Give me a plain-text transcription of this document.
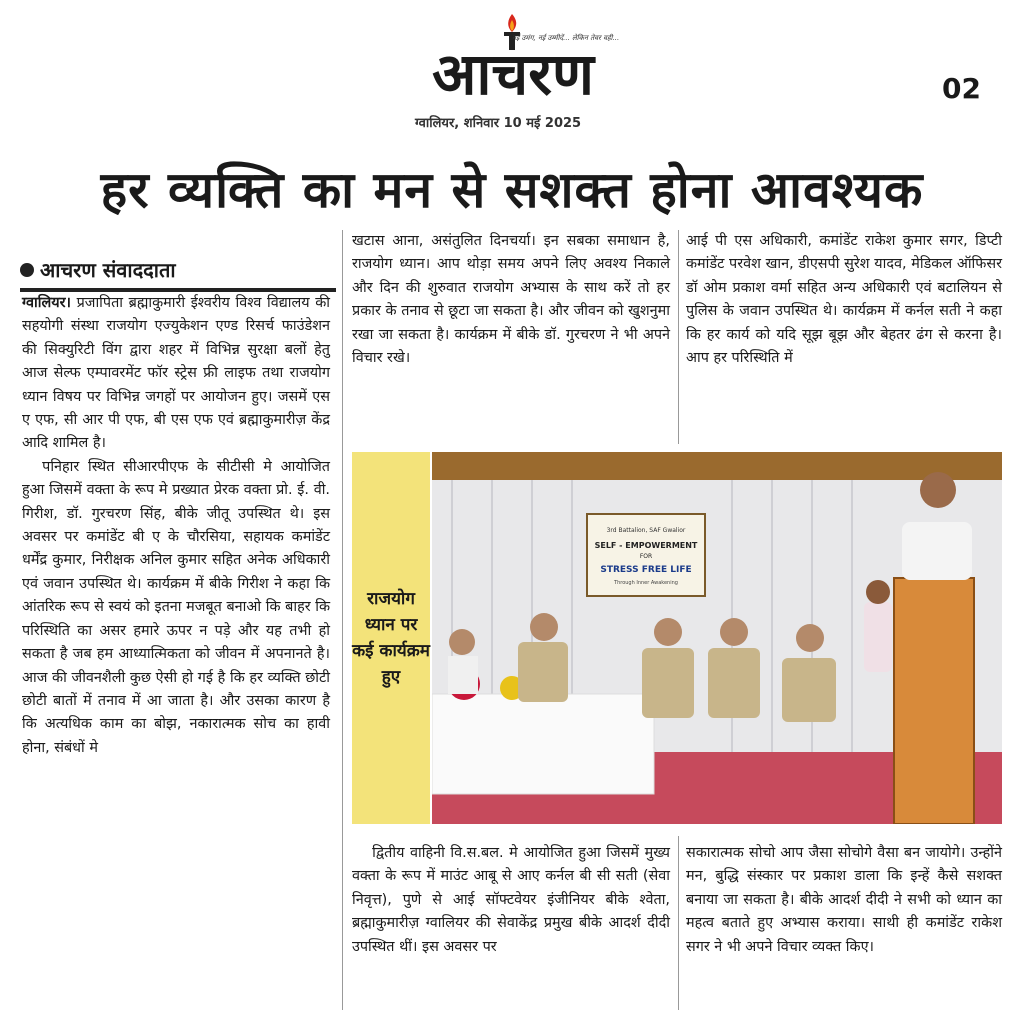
आचरण
नई उमंग, नई उम्मीदें... लेकिन तेवर वही...
ग्वालियर, शनिवार 10 मई 2025
02
हर व्यक्ति का मन से सशक्त होना आवश्यक
आचरण संवाददाता

ग्वालियर। प्रजापिता ब्रह्माकुमारी ईश्वरीय विश्व विद्यालय की सहयोगी संस्था राजयोग एज्युकेशन एण्ड रिसर्च फाउंडेशन की सिक्युरिटी विंग द्वारा शहर में विभिन्न सुरक्षा बलों हेतु आज सेल्फ एम्पावरमेंट फॉर स्ट्रेस फ्री लाइफ तथा राजयोग ध्यान विषय पर विभिन्न जगहों पर आयोजन हुए। जसमें एस ए एफ, सी आर पी एफ, बी एस एफ एवं ब्रह्माकुमारीज़ केंद्र आदि शामिल है।

पनिहार स्थित सीआरपीएफ के सीटीसी मे आयोजित हुआ जिसमें वक्ता के रूप मे प्रख्यात प्रेरक वक्ता प्रो. ई. वी. गिरीश, डॉ. गुरचरण सिंह, बीके जीतू उपस्थित थे। इस अवसर पर कमांडेंट बी ए के चौरसिया, सहायक कमांडेंट धर्मेंद्र कुमार, निरीक्षक अनिल कुमार सहित अनेक अधिकारी एवं जवान उपस्थित थे। कार्यक्रम में बीके गिरीश ने कहा कि आंतरिक रूप से स्वयं को इतना मजबूत बनाओ कि बाहर कि परिस्थिति का असर हमारे ऊपर न पड़े और यह तभी हो सकता है जब हम आध्यात्मिकता को जीवन में अपनानते है। आज की जीवनशैली कुछ ऐसी हो गई है कि हर व्यक्ति छोटी छोटी बातों में तनाव में आ जाता है। और उसका कारण है कि अत्यधिक काम का बोझ, नकारात्मक सोच का हावी होना, संबंधों मे

खटास आना, असंतुलित दिनचर्या। इन सबका समाधान है, राजयोग ध्यान। आप थोड़ा समय अपने लिए अवश्य निकाले और दिन की शुरुवात राजयोग अभ्यास के साथ करें तो हर प्रकार के तनाव से छूटा जा सकता है। और जीवन को खुशनुमा रखा जा सकता है। कार्यक्रम में बीके डॉ. गुरचरण ने भी अपने विचार रखे।

आई पी एस अधिकारी, कमांडेंट राकेश कुमार सगर, डिप्टी कमांडेंट परवेश खान, डीएसपी सुरेश यादव, मेडिकल ऑफिसर डॉ ओम प्रकाश वर्मा सहित अन्य अधिकारी एवं बटालियन से पुलिस के जवान उपस्थित थे। कार्यक्रम में कर्नल सती ने कहा कि हर कार्य को यदि सूझ बूझ और बेहतर ढंग से करना है। आप हर परिस्थिति में

राजयोग ध्यान पर कई कार्यक्रम हुए
3rd Battalion, SAF Gwalior
SELF - EMPOWERMENT
FOR
STRESS FREE LIFE
Through Inner Awakening

द्वितीय वाहिनी वि.स.बल. मे आयोजित हुआ जिसमें मुख्य वक्ता के रूप में माउंट आबू से आए कर्नल बी सी सती (सेवा निवृत्त), पुणे से आई सॉफ्टवेयर इंजीनियर बीके श्वेता, ब्रह्माकुमारीज़ ग्वालियर की सेवाकेंद्र प्रमुख बीके आदर्श दीदी उपस्थित थीं। इस अवसर पर

सकारात्मक सोचो आप जैसा सोचोगे वैसा बन जायोगे। उन्होंने मन, बुद्धि संस्कार पर प्रकाश डाला कि इन्हें कैसे सशक्त बनाया जा सकता है। बीके आदर्श दीदी ने सभी को ध्यान का महत्व बताते हुए अभ्यास कराया। साथी ही कमांडेंट राकेश सगर ने भी अपने विचार व्यक्त किए।
